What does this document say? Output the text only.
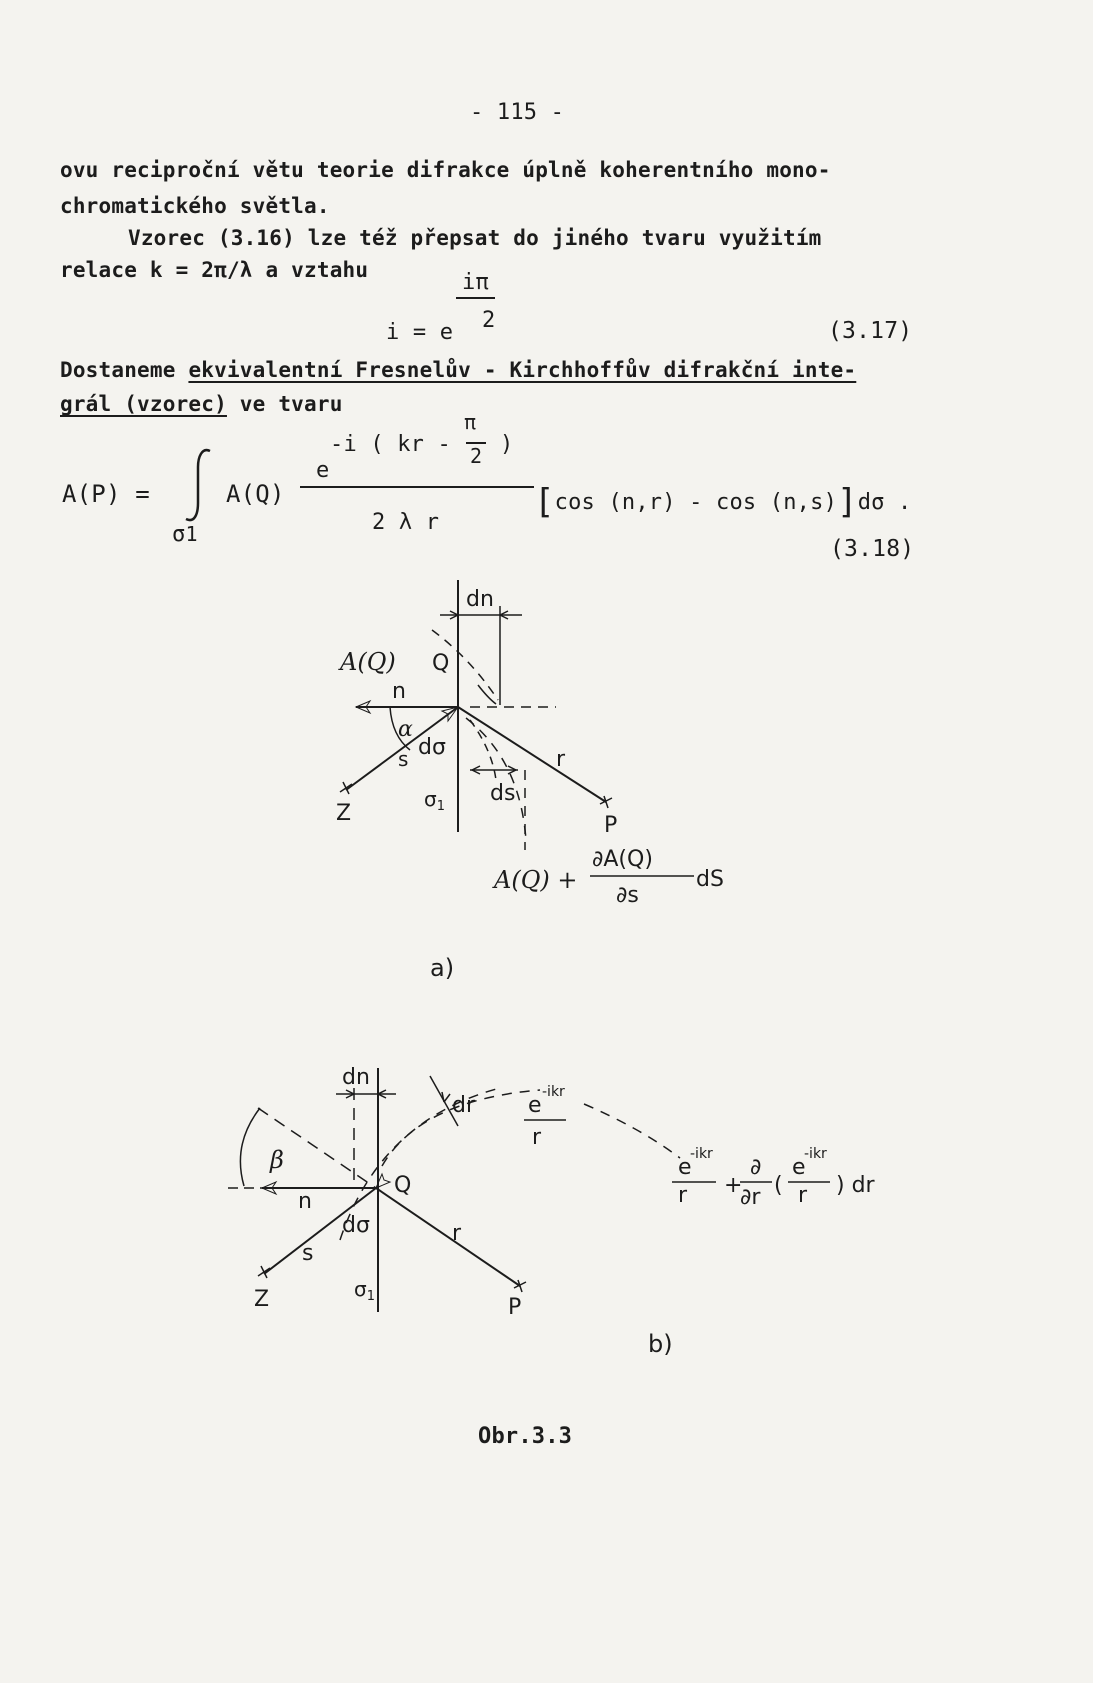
- 115 -
ovu reciproční větu teorie difrakce úplně koherentního mono-
chromatického světla.
Vzorec (3.16) lze též přepsat do jiného tvaru využitím
relace k = 2π/λ a vztahu	iπ
i = e 2	(3.17)
Dostaneme ekvivalentní Fresnelův - Kirchhoffův difrakční inte-
grál (vzorec) ve tvaru
A(P) =
σ1
A(Q)
-i ( kr -
π
2 )
e
2 λ r
[cos (n,r) - cos (n,s)]dσ .
(3.18)
dn
A(Q) Q
n
α
s dσ	r
$\sigma_1$
ds
Z	P
A(Q) +
∂A(Q)
∂s
dS
a)
dn
dr
β
n
Q
dσ
s
r
$\sigma_1$
Z	P
e
-ikr
r
e
-ikr
r +
∂
∂r (
e
-ikr
r ) dr
b)
Obr.3.3
